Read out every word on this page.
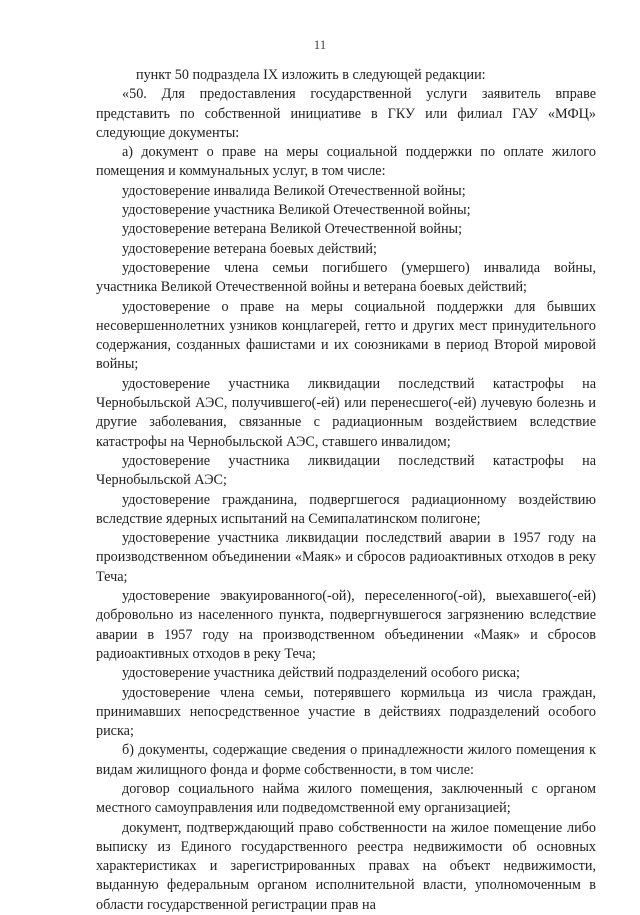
11

пункт 50 подраздела IX изложить в следующей редакции:

«50. Для предоставления государственной услуги заявитель вправе представить по собственной инициативе в ГКУ или филиал ГАУ «МФЦ» следующие документы:

а) документ о праве на меры социальной поддержки по оплате жилого помещения и коммунальных услуг, в том числе:

удостоверение инвалида Великой Отечественной войны;

удостоверение участника Великой Отечественной войны;

удостоверение ветерана Великой Отечественной войны;

удостоверение ветерана боевых действий;

удостоверение члена семьи погибшего (умершего) инвалида войны, участника Великой Отечественной войны и ветерана боевых действий;

удостоверение о праве на меры социальной поддержки для бывших несовершеннолетних узников концлагерей, гетто и других мест принудительного содержания, созданных фашистами и их союзниками в период Второй мировой войны;

удостоверение участника ликвидации последствий катастрофы на Чернобыльской АЭС, получившего(-ей) или перенесшего(-ей) лучевую болезнь и другие заболевания, связанные с радиационным воздействием вследствие катастрофы на Чернобыльской АЭС, ставшего инвалидом;

удостоверение участника ликвидации последствий катастрофы на Чернобыльской АЭС;

удостоверение гражданина, подвергшегося радиационному воздействию вследствие ядерных испытаний на Семипалатинском полигоне;

удостоверение участника ликвидации последствий аварии в 1957 году на производственном объединении «Маяк» и сбросов радиоактивных отходов в реку Теча;

удостоверение эвакуированного(-ой), переселенного(-ой), выехавшего(-ей) добровольно из населенного пункта, подвергнувшегося загрязнению вследствие аварии в 1957 году на производственном объединении «Маяк» и сбросов радиоактивных отходов в реку Теча;

удостоверение участника действий подразделений особого риска;

удостоверение члена семьи, потерявшего кормильца из числа граждан, принимавших непосредственное участие в действиях подразделений особого риска;

б) документы, содержащие сведения о принадлежности жилого помещения к видам жилищного фонда и форме собственности, в том числе:

договор социального найма жилого помещения, заключенный с органом местного самоуправления или подведомственной ему организацией;

документ, подтверждающий право собственности на жилое помещение либо выписку из Единого государственного реестра недвижимости об основных характеристиках и зарегистрированных правах на объект недвижимости, выданную федеральным органом исполнительной власти, уполномоченным в области государственной регистрации прав на
